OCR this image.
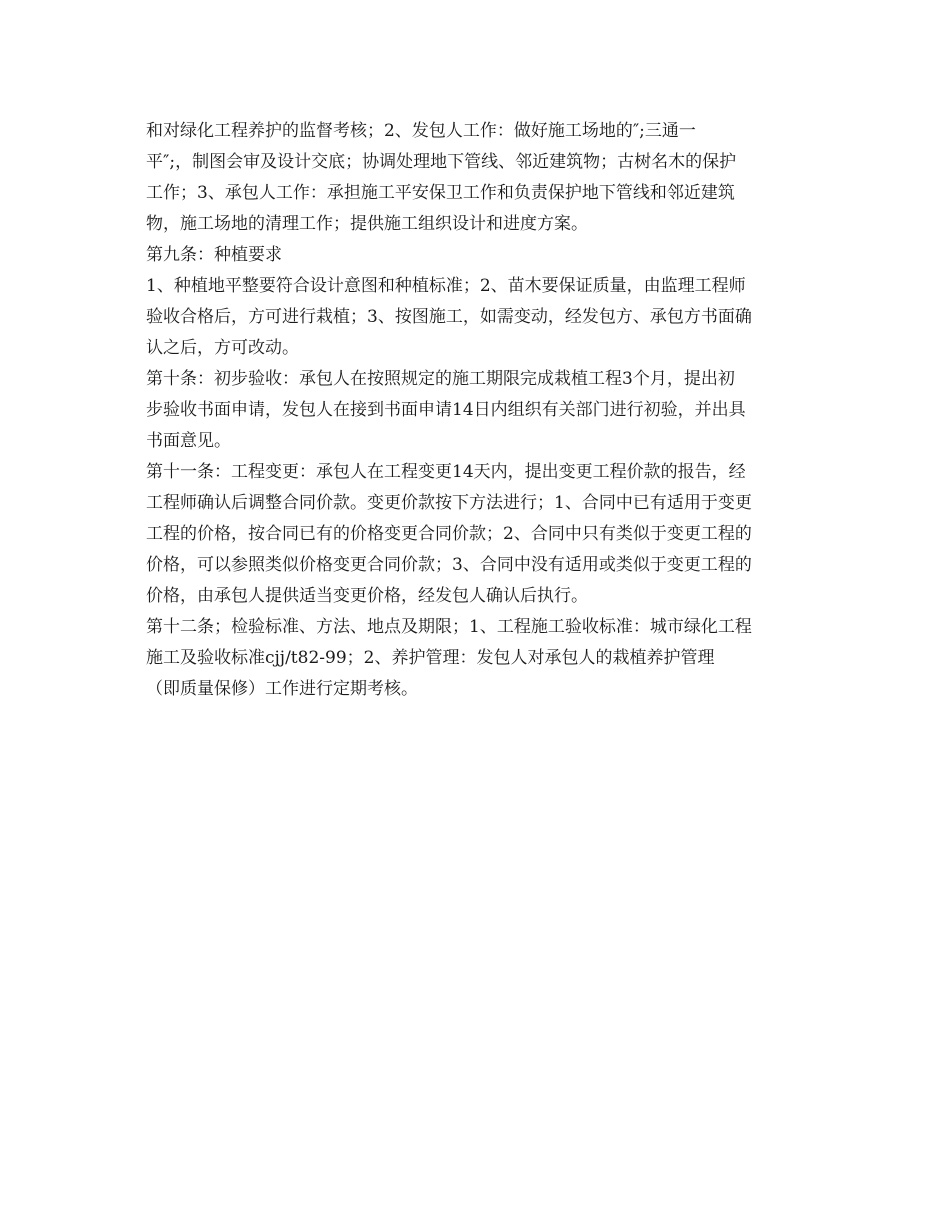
和对绿化工程养护的监督考核；2、发包人工作：做好施工场地的″;三通一
平″;，制图会审及设计交底；协调处理地下管线、邻近建筑物；古树名木的保护
工作；3、承包人工作：承担施工平安保卫工作和负责保护地下管线和邻近建筑
物，施工场地的清理工作；提供施工组织设计和进度方案。

第九条：种植要求

1、种植地平整要符合设计意图和种植标准；2、苗木要保证质量，由监理工程师
验收合格后，方可进行栽植；3、按图施工，如需变动，经发包方、承包方书面确
认之后，方可改动。

第十条：初步验收：承包人在按照规定的施工期限完成栽植工程3个月，提出初
步验收书面申请，发包人在接到书面申请14日内组织有关部门进行初验，并出具
书面意见。

第十一条：工程变更：承包人在工程变更14天内，提出变更工程价款的报告，经
工程师确认后调整合同价款。变更价款按下方法进行；1、合同中已有适用于变更
工程的价格，按合同已有的价格变更合同价款；2、合同中只有类似于变更工程的
价格，可以参照类似价格变更合同价款；3、合同中没有适用或类似于变更工程的
价格，由承包人提供适当变更价格，经发包人确认后执行。

第十二条；检验标准、方法、地点及期限；1、工程施工验收标准：城市绿化工程
施工及验收标准cjj/t82-99；2、养护管理：发包人对承包人的栽植养护管理
（即质量保修）工作进行定期考核。
